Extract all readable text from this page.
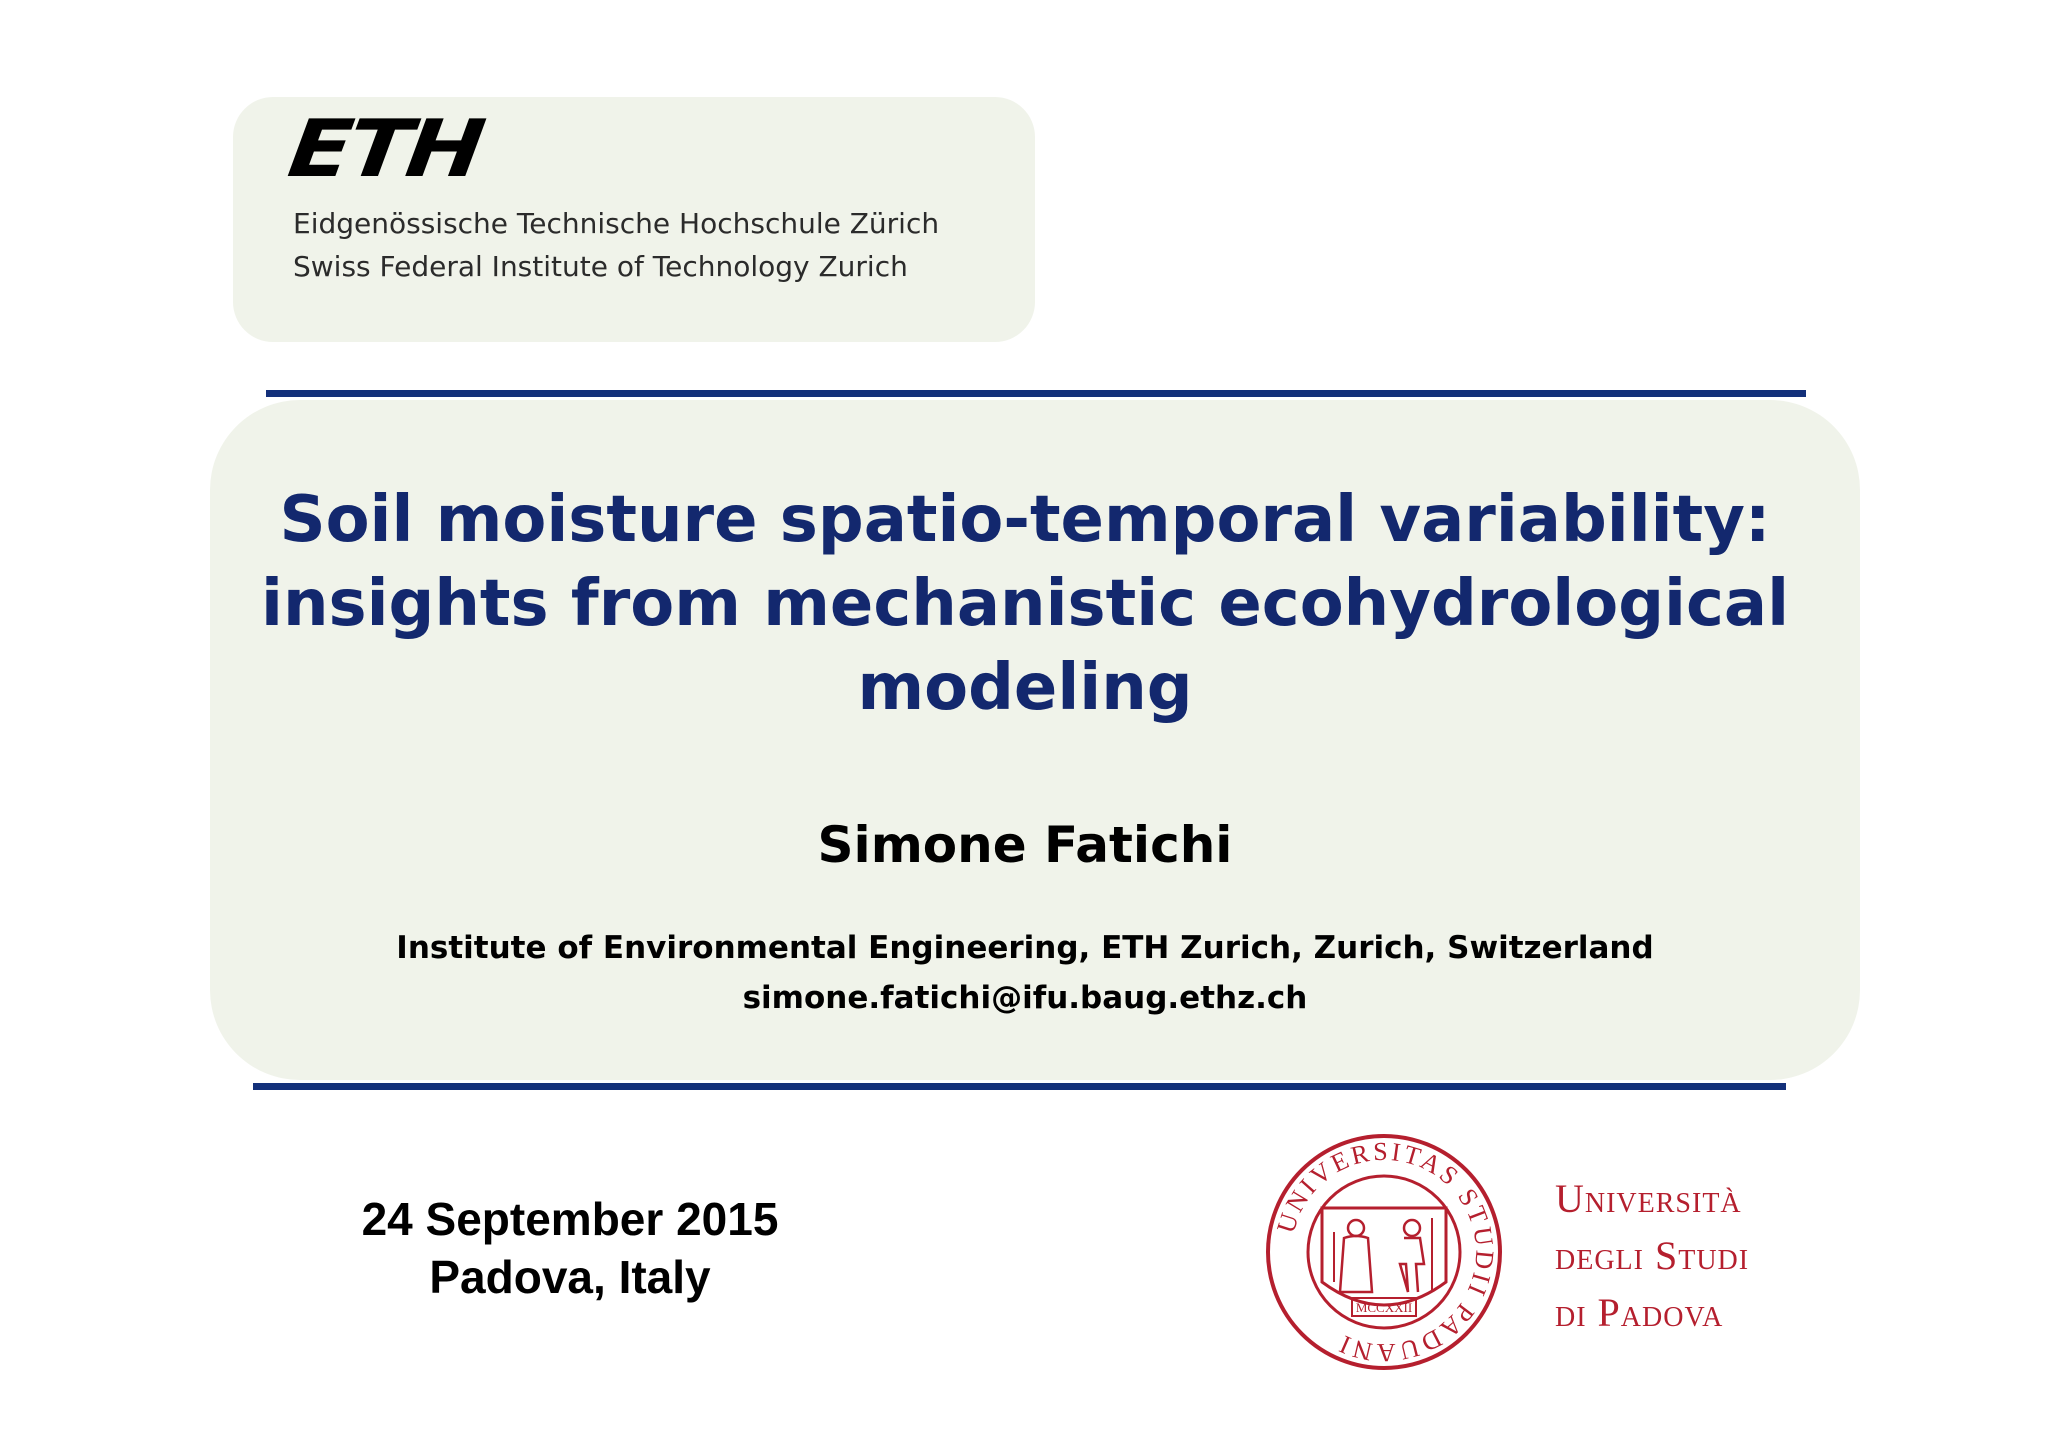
ETH
Eidgenössische Technische Hochschule Zürich
Swiss Federal Institute of Technology Zurich
Soil moisture spatio-temporal variability:
insights from mechanistic ecohydrological
modeling
Simone Fatichi
Institute of Environmental Engineering, ETH Zurich, Zurich, Switzerland
simone.fatichi@ifu.baug.ethz.ch
24 September 2015
Padova, Italy
UNIVERSITAS STUDII PADUANI
MCCXXII
Università
degli Studi
di Padova
